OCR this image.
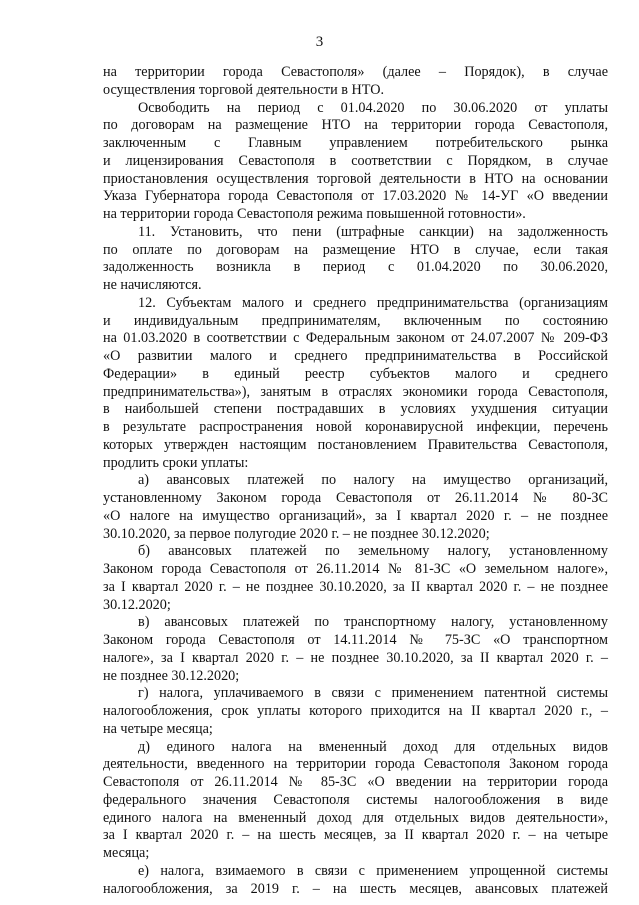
3

на территории города Севастополя» (далее – Порядок), в случае
осуществления торговой деятельности в НТО.

Освободить на период с 01.04.2020 по 30.06.2020 от уплаты
по договорам на размещение НТО на территории города Севастополя,
заключенным с Главным управлением потребительского рынка
и лицензирования Севастополя в соответствии с Порядком, в случае
приостановления осуществления торговой деятельности в НТО на основании
Указа Губернатора города Севастополя от 17.03.2020 № 14-УГ «О введении
на территории города Севастополя режима повышенной готовности».

11. Установить, что пени (штрафные санкции) на задолженность
по оплате по договорам на размещение НТО в случае, если такая
задолженность возникла в период с 01.04.2020 по 30.06.2020,
не начисляются.

12. Субъектам малого и среднего предпринимательства (организациям
и индивидуальным предпринимателям, включенным по состоянию
на 01.03.2020 в соответствии с Федеральным законом от 24.07.2007 № 209-ФЗ
«О развитии малого и среднего предпринимательства в Российской
Федерации» в единый реестр субъектов малого и среднего
предпринимательства»), занятым в отраслях экономики города Севастополя,
в наибольшей степени пострадавших в условиях ухудшения ситуации
в результате распространения новой коронавирусной инфекции, перечень
которых утвержден настоящим постановлением Правительства Севастополя,
продлить сроки уплаты:

а) авансовых платежей по налогу на имущество организаций,
установленному Законом города Севастополя от 26.11.2014 № 80-ЗС
«О налоге на имущество организаций», за I квартал 2020 г. – не позднее
30.10.2020, за первое полугодие 2020 г. – не позднее 30.12.2020;

б) авансовых платежей по земельному налогу, установленному
Законом города Севастополя от 26.11.2014 № 81-ЗС «О земельном налоге»,
за I квартал 2020 г. – не позднее 30.10.2020, за II квартал 2020 г. – не позднее
30.12.2020;

в) авансовых платежей по транспортному налогу, установленному
Законом города Севастополя от 14.11.2014 № 75-ЗС «О транспортном
налоге», за I квартал 2020 г. – не позднее 30.10.2020, за II квартал 2020 г. –
не позднее 30.12.2020;

г) налога, уплачиваемого в связи с применением патентной системы
налогообложения, срок уплаты которого приходится на II квартал 2020 г., –
на четыре месяца;

д) единого налога на вмененный доход для отдельных видов
деятельности, введенного на территории города Севастополя Законом города
Севастополя от 26.11.2014 № 85-ЗС «О введении на территории города
федерального значения Севастополя системы налогообложения в виде
единого налога на вмененный доход для отдельных видов деятельности»,
за I квартал 2020 г. – на шесть месяцев, за II квартал 2020 г. – на четыре
месяца;

е) налога, взимаемого в связи с применением упрощенной системы
налогообложения, за 2019 г. – на шесть месяцев, авансовых платежей
